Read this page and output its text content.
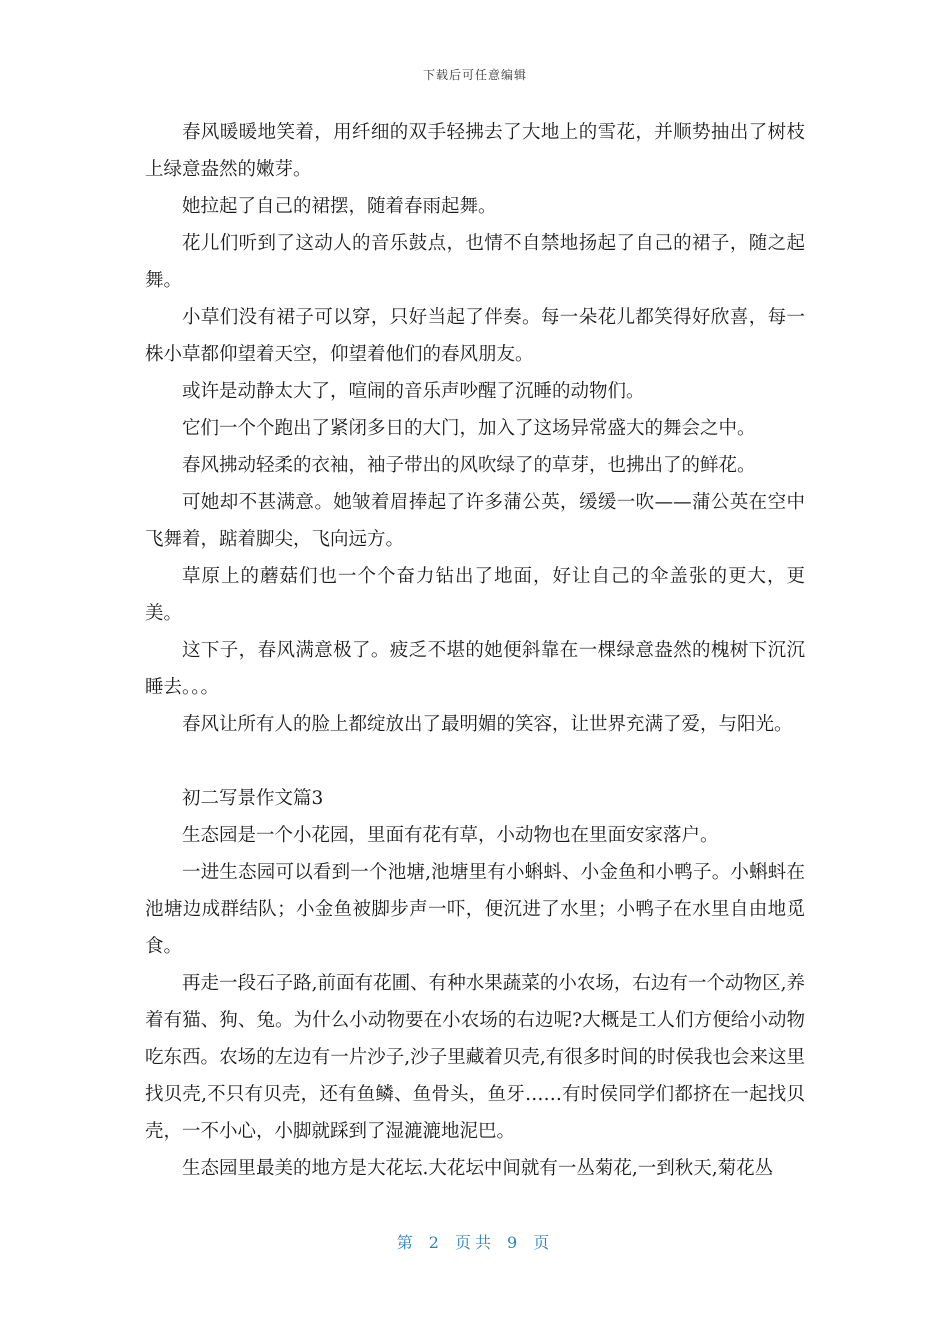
下载后可任意编辑

春风暖暖地笑着，用纤细的双手轻拂去了大地上的雪花，并顺势抽出了树枝上绿意盎然的嫩芽。

她拉起了自己的裙摆，随着春雨起舞。

花儿们听到了这动人的音乐鼓点，也情不自禁地扬起了自己的裙子，随之起舞。

小草们没有裙子可以穿，只好当起了伴奏。每一朵花儿都笑得好欣喜，每一株小草都仰望着天空，仰望着他们的春风朋友。

或许是动静太大了，喧闹的音乐声吵醒了沉睡的动物们。

它们一个个跑出了紧闭多日的大门，加入了这场异常盛大的舞会之中。

春风拂动轻柔的衣袖，袖子带出的风吹绿了的草芽，也拂出了的鲜花。

可她却不甚满意。她皱着眉捧起了许多蒲公英，缓缓一吹——蒲公英在空中飞舞着，踮着脚尖，飞向远方。

草原上的蘑菇们也一个个奋力钻出了地面，好让自己的伞盖张的更大，更美。

这下子，春风满意极了。疲乏不堪的她便斜靠在一棵绿意盎然的槐树下沉沉睡去。。。

春风让所有人的脸上都绽放出了最明媚的笑容，让世界充满了爱，与阳光。

初二写景作文篇3

生态园是一个小花园，里面有花有草，小动物也在里面安家落户。

一进生态园可以看到一个池塘,池塘里有小蝌蚪、小金鱼和小鸭子。小蝌蚪在池塘边成群结队；小金鱼被脚步声一吓，便沉进了水里；小鸭子在水里自由地觅食。

再走一段石子路,前面有花圃、有种水果蔬菜的小农场，右边有一个动物区,养着有猫、狗、兔。为什么小动物要在小农场的右边呢?大概是工人们方便给小动物吃东西。农场的左边有一片沙子,沙子里藏着贝壳,有很多时间的时侯我也会来这里找贝壳,不只有贝壳，还有鱼鳞、鱼骨头，鱼牙……有时侯同学们都挤在一起找贝壳，一不小心，小脚就踩到了湿漉漉地泥巴。

生态园里最美的地方是大花坛.大花坛中间就有一丛菊花,一到秋天,菊花丛

第 2 页共 9 页
